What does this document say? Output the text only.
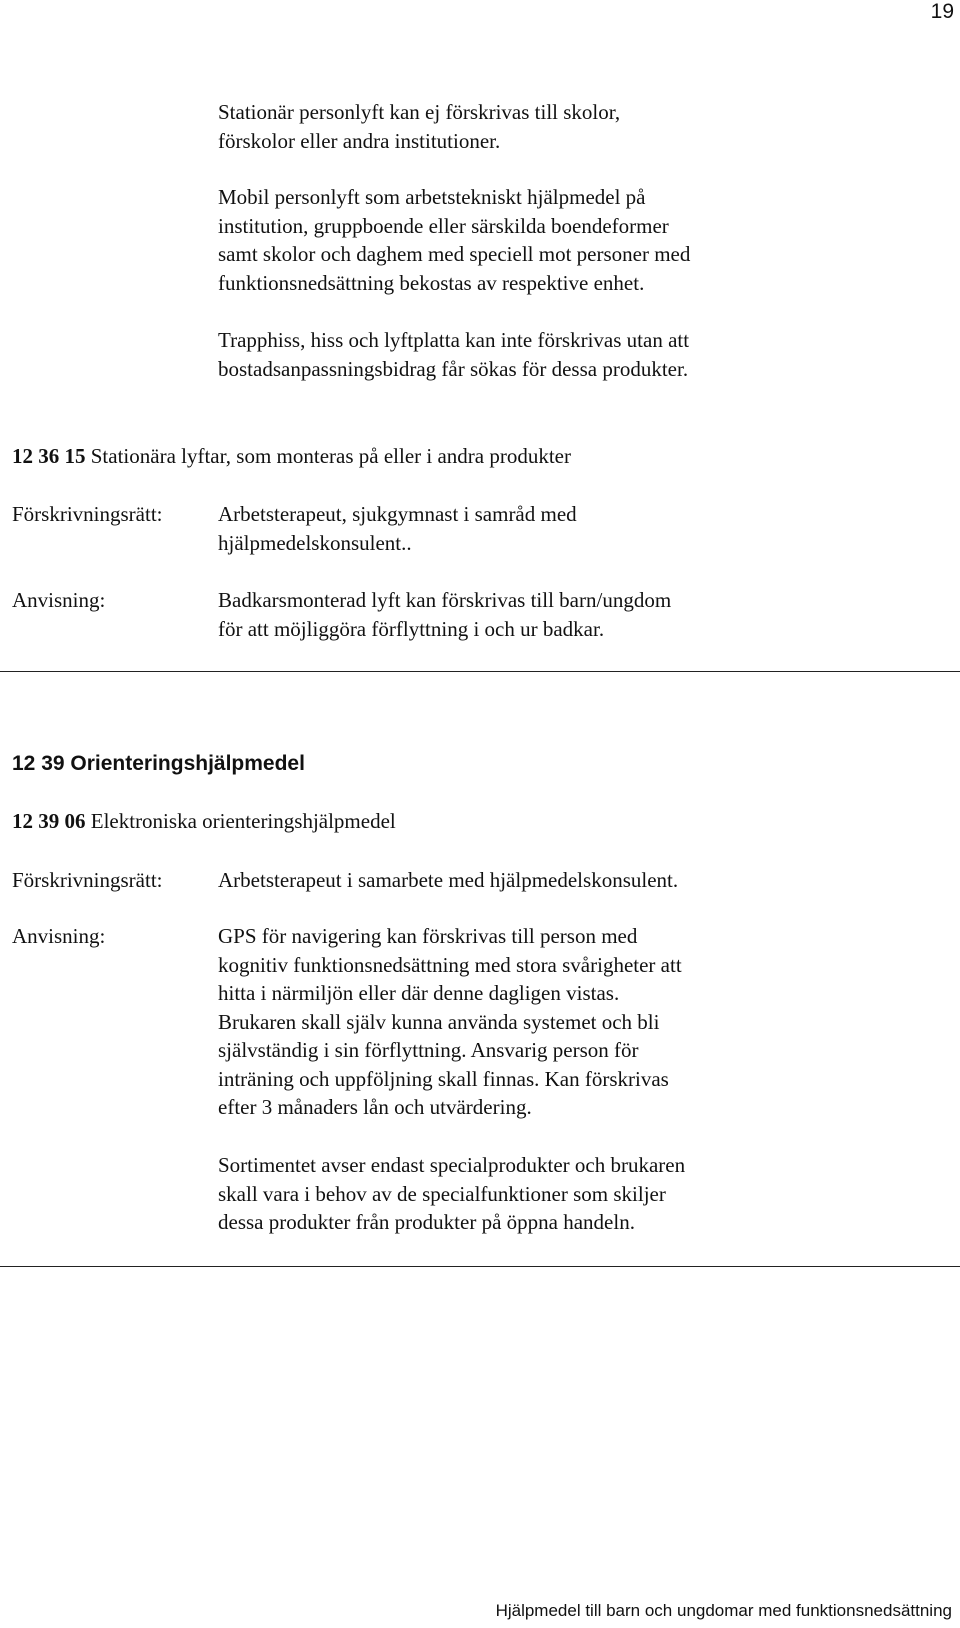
19
Stationär personlyft kan ej förskrivas till skolor,
förskolor eller andra institutioner.
Mobil personlyft som arbetstekniskt hjälpmedel på
institution, gruppboende eller särskilda boendeformer
samt skolor och daghem med speciell mot personer med
funktionsnedsättning bekostas av respektive enhet.
Trapphiss, hiss och lyftplatta kan inte förskrivas utan att
bostadsanpassningsbidrag får sökas för dessa produkter.
12 36 15 Stationära lyftar, som monteras på eller i andra produkter
Förskrivningsrätt:	Arbetsterapeut, sjukgymnast i samråd med
hjälpmedelskonsulent..
Anvisning:	Badkarsmonterad lyft kan förskrivas till barn/ungdom
för att möjliggöra förflyttning i och ur badkar.
12 39 Orienteringshjälpmedel
12 39 06 Elektroniska orienteringshjälpmedel
Förskrivningsrätt:	Arbetsterapeut i samarbete med hjälpmedelskonsulent.
Anvisning:	GPS för navigering kan förskrivas till person med
kognitiv funktionsnedsättning med stora svårigheter att
hitta i närmiljön eller där denne dagligen vistas.
Brukaren skall själv kunna använda systemet och bli
självständig i sin förflyttning. Ansvarig person för
inträning och uppföljning skall finnas. Kan förskrivas
efter 3 månaders lån och utvärdering.
Sortimentet avser endast specialprodukter och brukaren
skall vara i behov av de specialfunktioner som skiljer
dessa produkter från produkter på öppna handeln.
Hjälpmedel till barn och ungdomar med funktionsnedsättning
